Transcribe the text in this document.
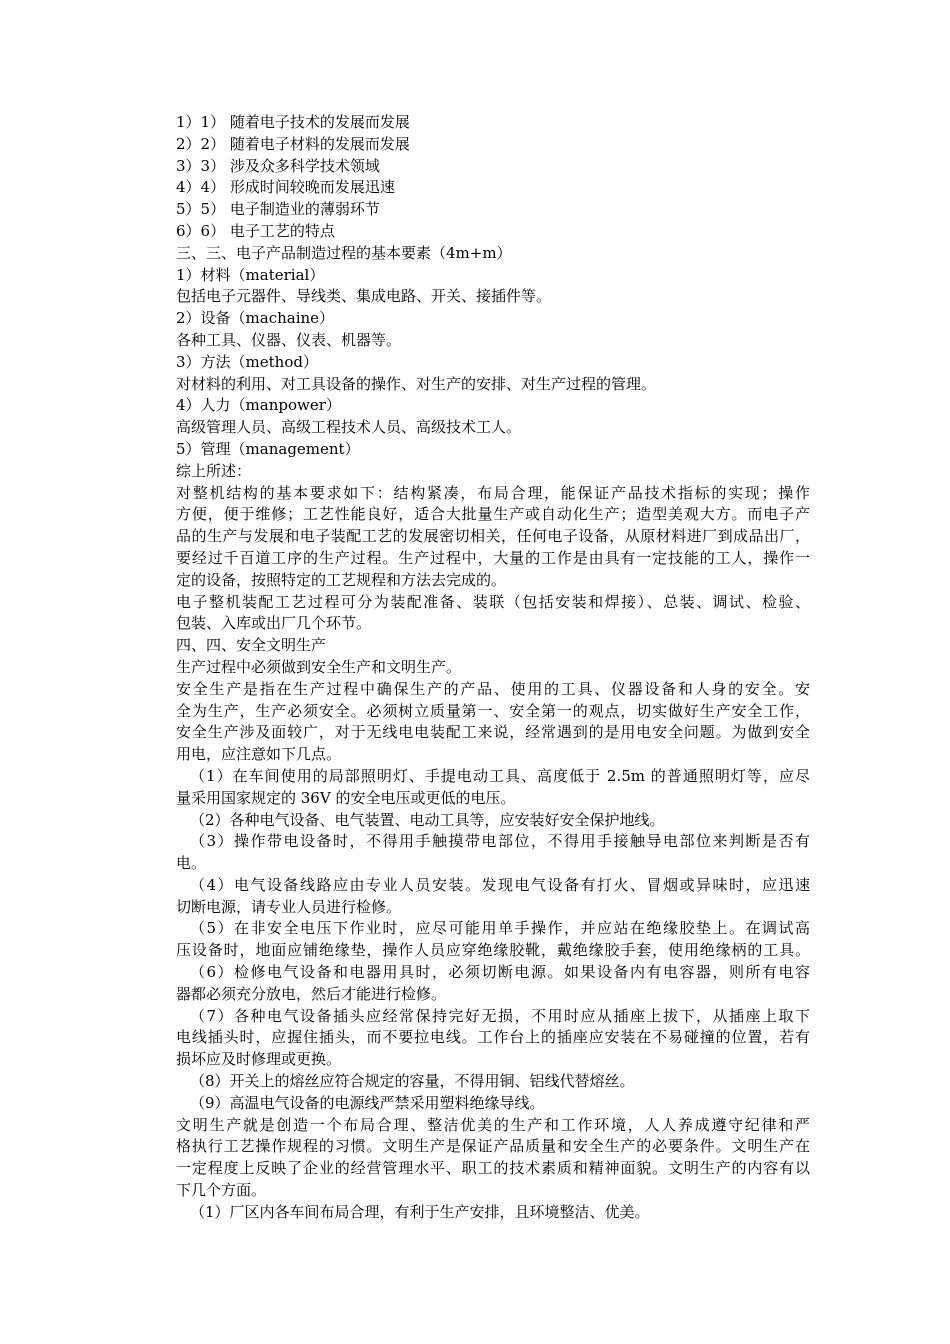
1）1） 随着电子技术的发展而发展
2）2） 随着电子材料的发展而发展
3）3） 涉及众多科学技术领域
4）4） 形成时间较晚而发展迅速
5）5） 电子制造业的薄弱环节
6）6） 电子工艺的特点
三、三、电子产品制造过程的基本要素（4m+m）
1）材料（material）
包括电子元器件、导线类、集成电路、开关、接插件等。
2）设备（machaine）
各种工具、仪器、仪表、机器等。
3）方法（method）
对材料的利用、对工具设备的操作、对生产的安排、对生产过程的管理。
4）人力（manpower）
高级管理人员、高级工程技术人员、高级技术工人。
5）管理（management）
综上所述：
对整机结构的基本要求如下：结构紧凑，布局合理，能保证产品技术指标的实现；操作
方便，便于维修；工艺性能良好，适合大批量生产或自动化生产；造型美观大方。而电子产
品的生产与发展和电子装配工艺的发展密切相关，任何电子设备，从原材料进厂到成品出厂，
要经过千百道工序的生产过程。生产过程中，大量的工作是由具有一定技能的工人，操作一
定的设备，按照特定的工艺规程和方法去完成的。
电子整机装配工艺过程可分为装配准备、装联（包括安装和焊接）、总装、调试、检验、
包装、入库或出厂几个环节。
四、四、安全文明生产
生产过程中必须做到安全生产和文明生产。
安全生产是指在生产过程中确保生产的产品、使用的工具、仪器设备和人身的安全。安
全为生产，生产必须安全。必须树立质量第一、安全第一的观点，切实做好生产安全工作，
安全生产涉及面较广，对于无线电电装配工来说，经常遇到的是用电安全问题。为做到安全
用电，应注意如下几点。
（1）在车间使用的局部照明灯、手提电动工具、高度低于 2.5m 的普通照明灯等，应尽
量采用国家规定的 36V 的安全电压或更低的电压。
（2）各种电气设备、电气装置、电动工具等，应安装好安全保护地线。
（3）操作带电设备时，不得用手触摸带电部位，不得用手接触导电部位来判断是否有
电。
（4）电气设备线路应由专业人员安装。发现电气设备有打火、冒烟或异味时，应迅速
切断电源，请专业人员进行检修。
（5）在非安全电压下作业时，应尽可能用单手操作，并应站在绝缘胶垫上。在调试高
压设备时，地面应铺绝缘垫，操作人员应穿绝缘胶靴，戴绝缘胶手套，使用绝缘柄的工具。
（6）检修电气设备和电器用具时，必须切断电源。如果设备内有电容器，则所有电容
器都必须充分放电，然后才能进行检修。
（7）各种电气设备插头应经常保持完好无损，不用时应从插座上拔下，从插座上取下
电线插头时，应握住插头，而不要拉电线。工作台上的插座应安装在不易碰撞的位置，若有
损坏应及时修理或更换。
（8）开关上的熔丝应符合规定的容量，不得用铜、铝线代替熔丝。
（9）高温电气设备的电源线严禁采用塑料绝缘导线。
文明生产就是创造一个布局合理、整洁优美的生产和工作环境，人人养成遵守纪律和严
格执行工艺操作规程的习惯。文明生产是保证产品质量和安全生产的必要条件。文明生产在
一定程度上反映了企业的经营管理水平、职工的技术素质和精神面貌。文明生产的内容有以
下几个方面。
（1）厂区内各车间布局合理，有利于生产安排，且环境整洁、优美。
